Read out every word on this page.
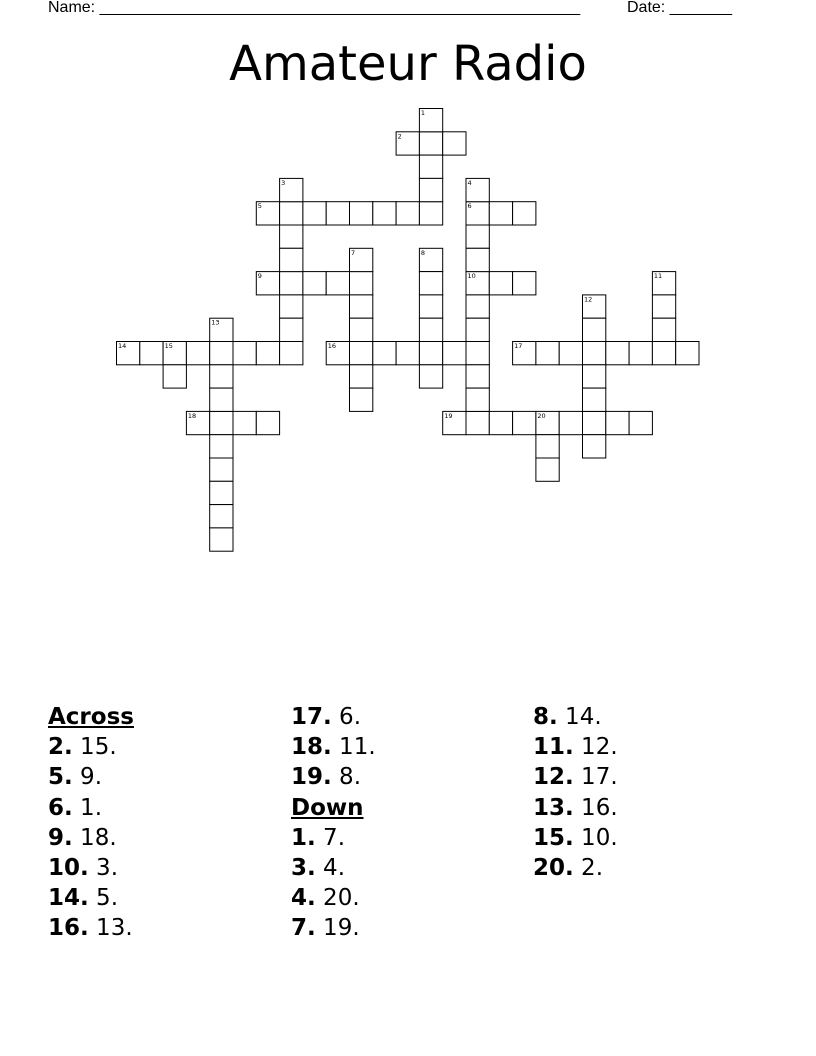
Name: ______________________________________________________	Date: _______
Amateur Radio
1
2
3	4
5	6
7	8
9	10	11
12
13
14	15	16	17
18	19	20
Across
2. 15.
5. 9.
6. 1.
9. 18.
10. 3.
14. 5.
16. 13.
17. 6.
18. 11.
19. 8.
Down
1. 7.
3. 4.
4. 20.
7. 19.
8. 14.
11. 12.
12. 17.
13. 16.
15. 10.
20. 2.
